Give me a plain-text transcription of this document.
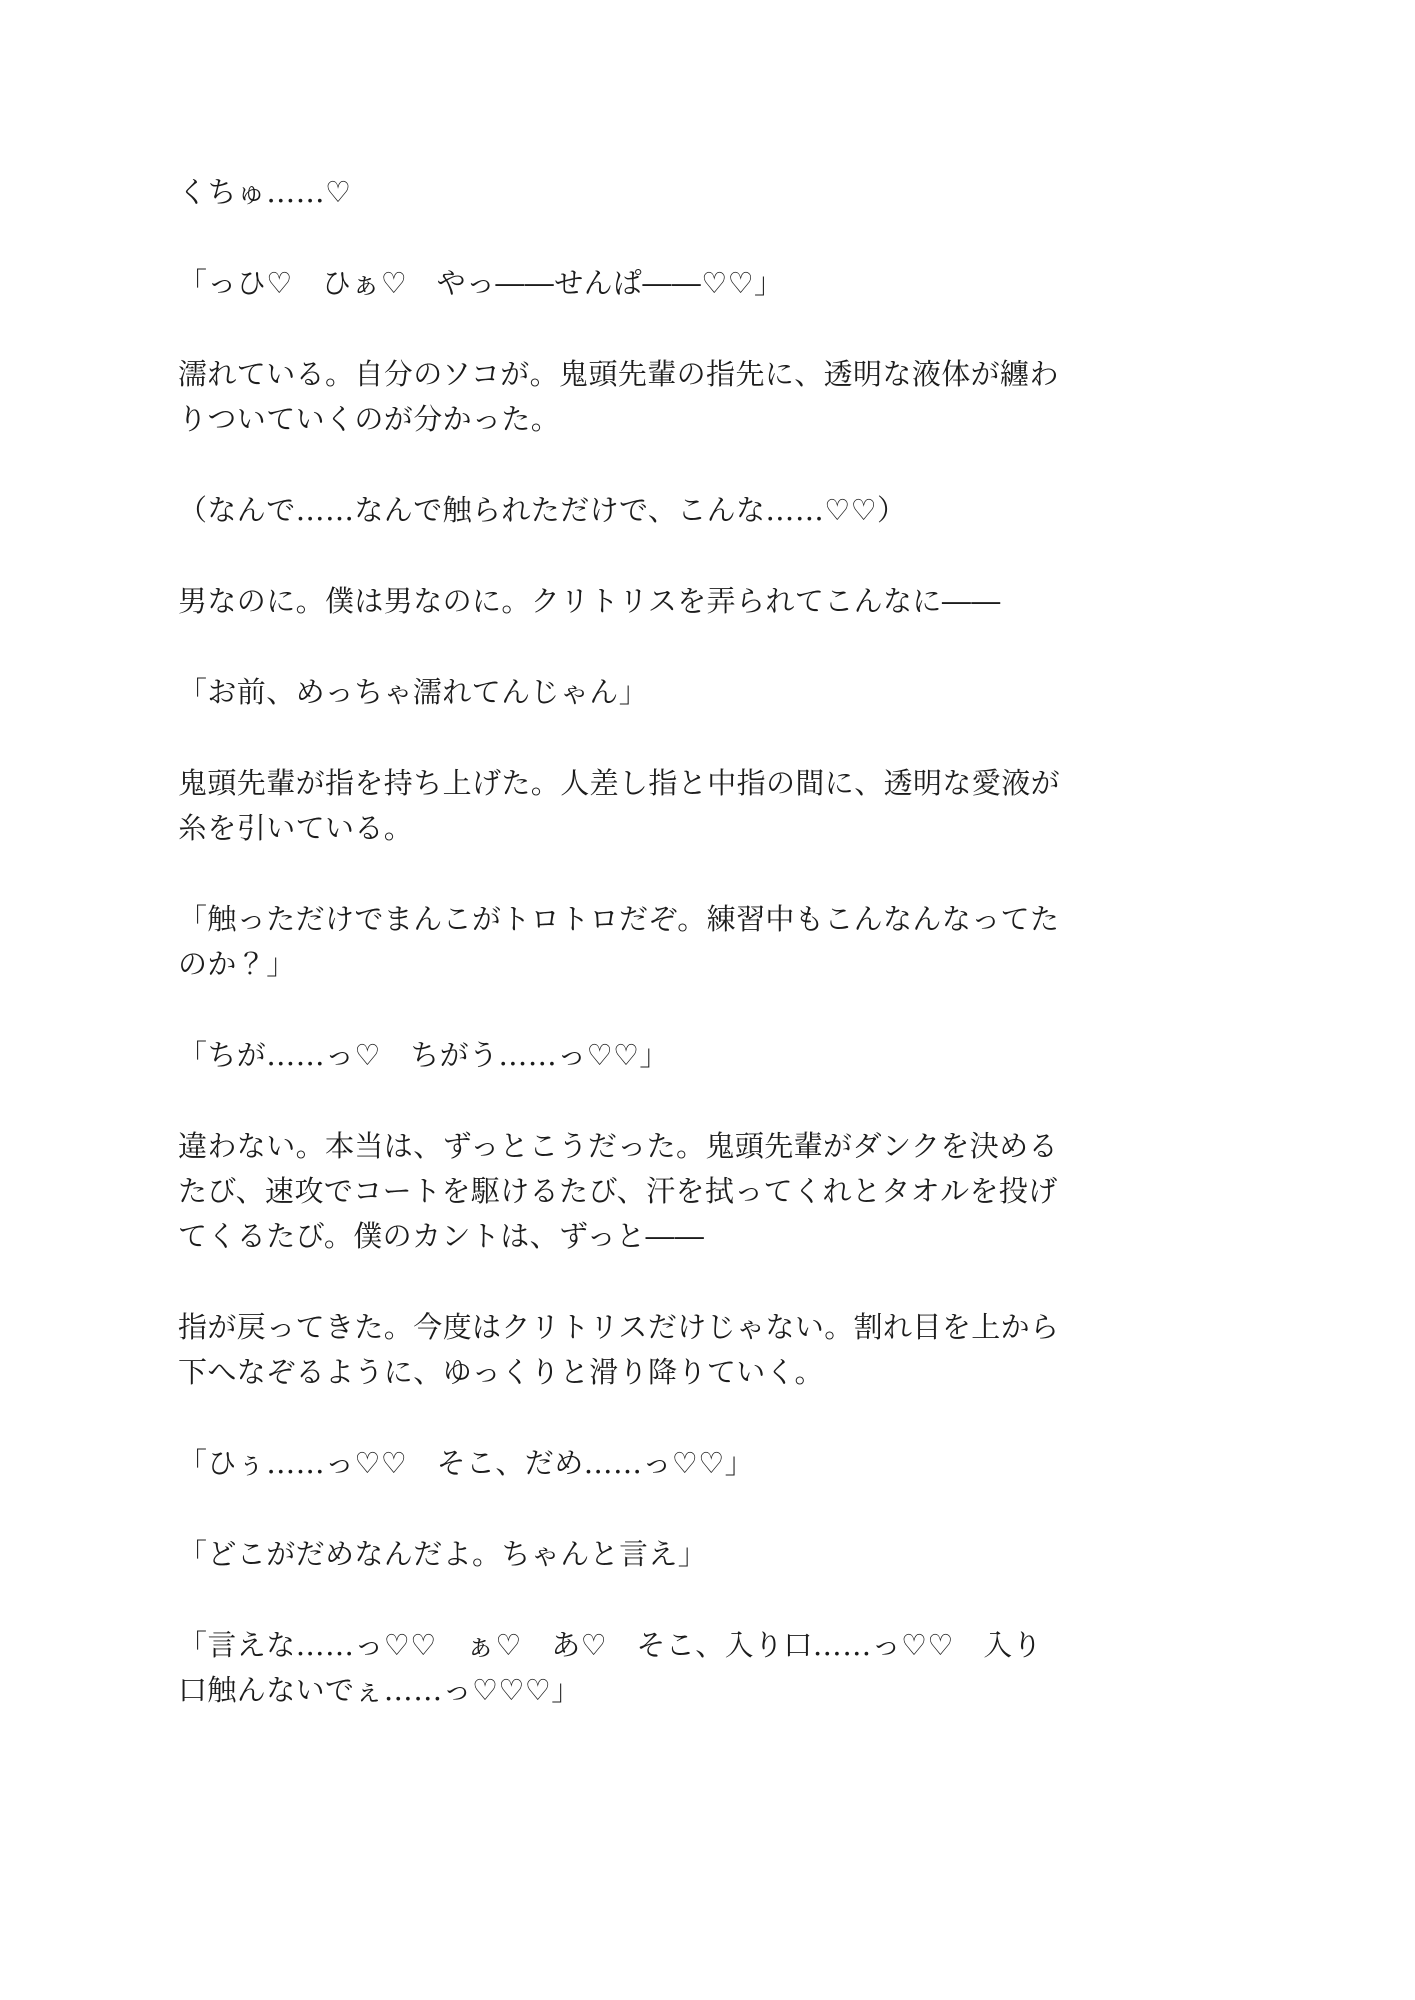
くちゅ……♡

「っひ♡　ひぁ♡　やっ――せんぱ――♡♡」

濡れている。自分のソコが。鬼頭先輩の指先に、透明な液体が纏わ
りついていくのが分かった。

（なんで……なんで触られただけで、こんな……♡♡）

男なのに。僕は男なのに。クリトリスを弄られてこんなに――

「お前、めっちゃ濡れてんじゃん」

鬼頭先輩が指を持ち上げた。人差し指と中指の間に、透明な愛液が
糸を引いている。

「触っただけでまんこがトロトロだぞ。練習中もこんなんなってた
のか？」

「ちが……っ♡　ちがう……っ♡♡」

違わない。本当は、ずっとこうだった。鬼頭先輩がダンクを決める
たび、速攻でコートを駆けるたび、汗を拭ってくれとタオルを投げ
てくるたび。僕のカントは、ずっと――

指が戻ってきた。今度はクリトリスだけじゃない。割れ目を上から
下へなぞるように、ゆっくりと滑り降りていく。

「ひぅ……っ♡♡　そこ、だめ……っ♡♡」

「どこがだめなんだよ。ちゃんと言え」

「言えな……っ♡♡　ぁ♡　あ♡　そこ、入り口……っ♡♡　入り
口触んないでぇ……っ♡♡♡」
